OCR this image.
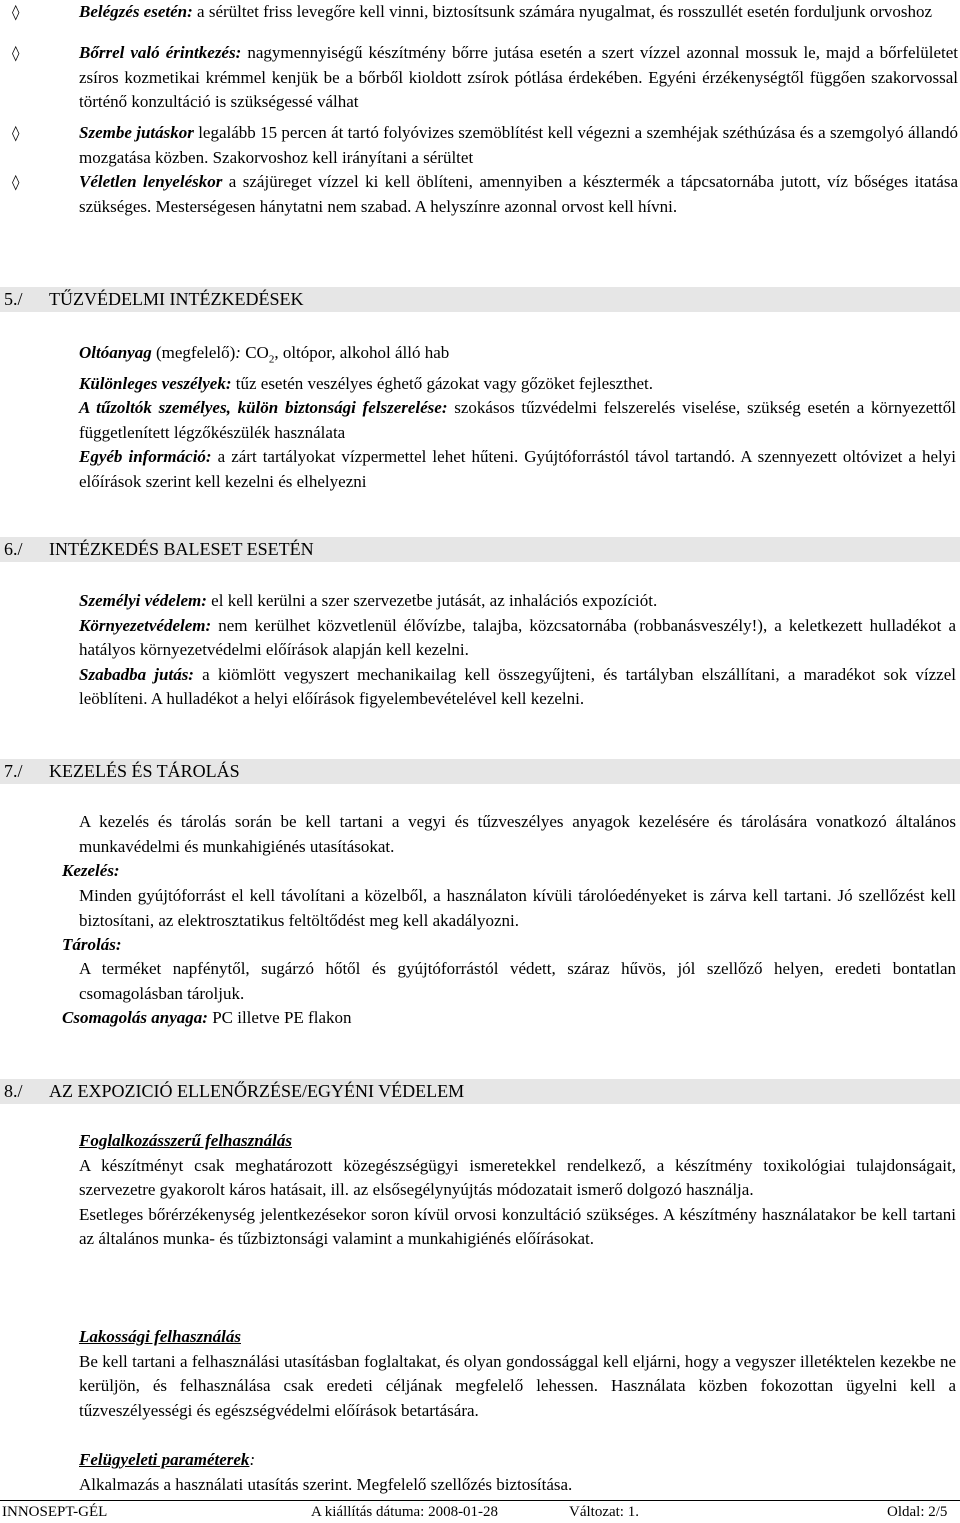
◊	Belégzés esetén: a sérültet friss levegőre kell vinni, biztosítsunk számára nyugalmat, és rosszullét esetén forduljunk orvoshoz
◊	Bőrrel való érintkezés: nagymennyiségű készítmény bőrre jutása esetén a szert vízzel azonnal mossuk le, majd a bőrfelületet zsíros kozmetikai krémmel kenjük be a bőrből kioldott zsírok pótlása érdekében. Egyéni érzékenységtől függően szakorvossal történő konzultáció is szükségessé válhat
◊	Szembe jutáskor legalább 15 percen át tartó folyóvizes szemöblítést kell végezni a szemhéjak széthúzása és a szemgolyó állandó mozgatása közben. Szakorvoshoz kell irányítani a sérültet
◊	Véletlen lenyeléskor a szájüreget vízzel ki kell öblíteni, amennyiben a késztermék a tápcsatornába jutott, víz bőséges itatása szükséges. Mesterségesen hánytatni nem szabad. A helyszínre azonnal orvost kell hívni.
5./ TŰZVÉDELMI INTÉZKEDÉSEK
Oltóanyag (megfelelő): $CO_2$, oltópor, alkohol álló hab
Különleges veszélyek: tűz esetén veszélyes éghető gázokat vagy gőzöket fejleszthet.
A tűzoltók személyes, külön biztonsági felszerelése: szokásos tűzvédelmi felszerelés viselése, szükség esetén a környezettől függetlenített légzőkészülék használata
Egyéb információ: a zárt tartályokat vízpermettel lehet hűteni. Gyújtóforrástól távol tartandó. A szennyezett oltóvizet a helyi előírások szerint kell kezelni és elhelyezni
6./ INTÉZKEDÉS BALESET ESETÉN
Személyi védelem: el kell kerülni a szer szervezetbe jutását, az inhalációs expozíciót.
Környezetvédelem: nem kerülhet közvetlenül élővízbe, talajba, közcsatornába (robbanásveszély!), a keletkezett hulladékot a hatályos környezetvédelmi előírások alapján kell kezelni.
Szabadba jutás: a kiömlött vegyszert mechanikailag kell összegyűjteni, és tartályban elszállítani, a maradékot sok vízzel leöblíteni. A hulladékot a helyi előírások figyelembevételével kell kezelni.
7./ KEZELÉS ÉS TÁROLÁS
A kezelés és tárolás során be kell tartani a vegyi és tűzveszélyes anyagok kezelésére és tárolására vonatkozó általános munkavédelmi és munkahigiénés utasításokat.
Kezelés:
Minden gyújtóforrást el kell távolítani a közelből, a használaton kívüli tárolóedényeket is zárva kell tartani. Jó szellőzést kell biztosítani, az elektrosztatikus feltöltődést meg kell akadályozni.
Tárolás:
A terméket napfénytől, sugárzó hőtől és gyújtóforrástól védett, száraz hűvös, jól szellőző helyen, eredeti bontatlan csomagolásban tároljuk.
Csomagolás anyaga: PC illetve PE flakon
8./ AZ EXPOZICIÓ ELLENŐRZÉSE/EGYÉNI VÉDELEM
Foglalkozásszerű felhasználás
A készítményt csak meghatározott közegészségügyi ismeretekkel rendelkező, a készítmény toxikológiai tulajdonságait, szervezetre gyakorolt káros hatásait, ill. az elsősegélynyújtás módozatait ismerő dolgozó használja.
Esetleges bőrérzékenység jelentkezésekor soron kívül orvosi konzultáció szükséges. A készítmény használatakor be kell tartani az általános munka- és tűzbiztonsági valamint a munkahigiénés előírásokat.
Lakossági felhasználás
Be kell tartani a felhasználási utasításban foglaltakat, és olyan gondossággal kell eljárni, hogy a vegyszer illetéktelen kezekbe ne kerüljön, és felhasználása csak eredeti céljának megfelelő lehessen. Használata közben fokozottan ügyelni kell a tűzveszélyességi és egészségvédelmi előírások betartására.
Felügyeleti paraméterek:
Alkalmazás a használati utasítás szerint. Megfelelő szellőzés biztosítása.
INNOSEPT-GÉL	A kiállítás dátuma: 2008-01-28	Változat: 1.	Oldal: 2/5
